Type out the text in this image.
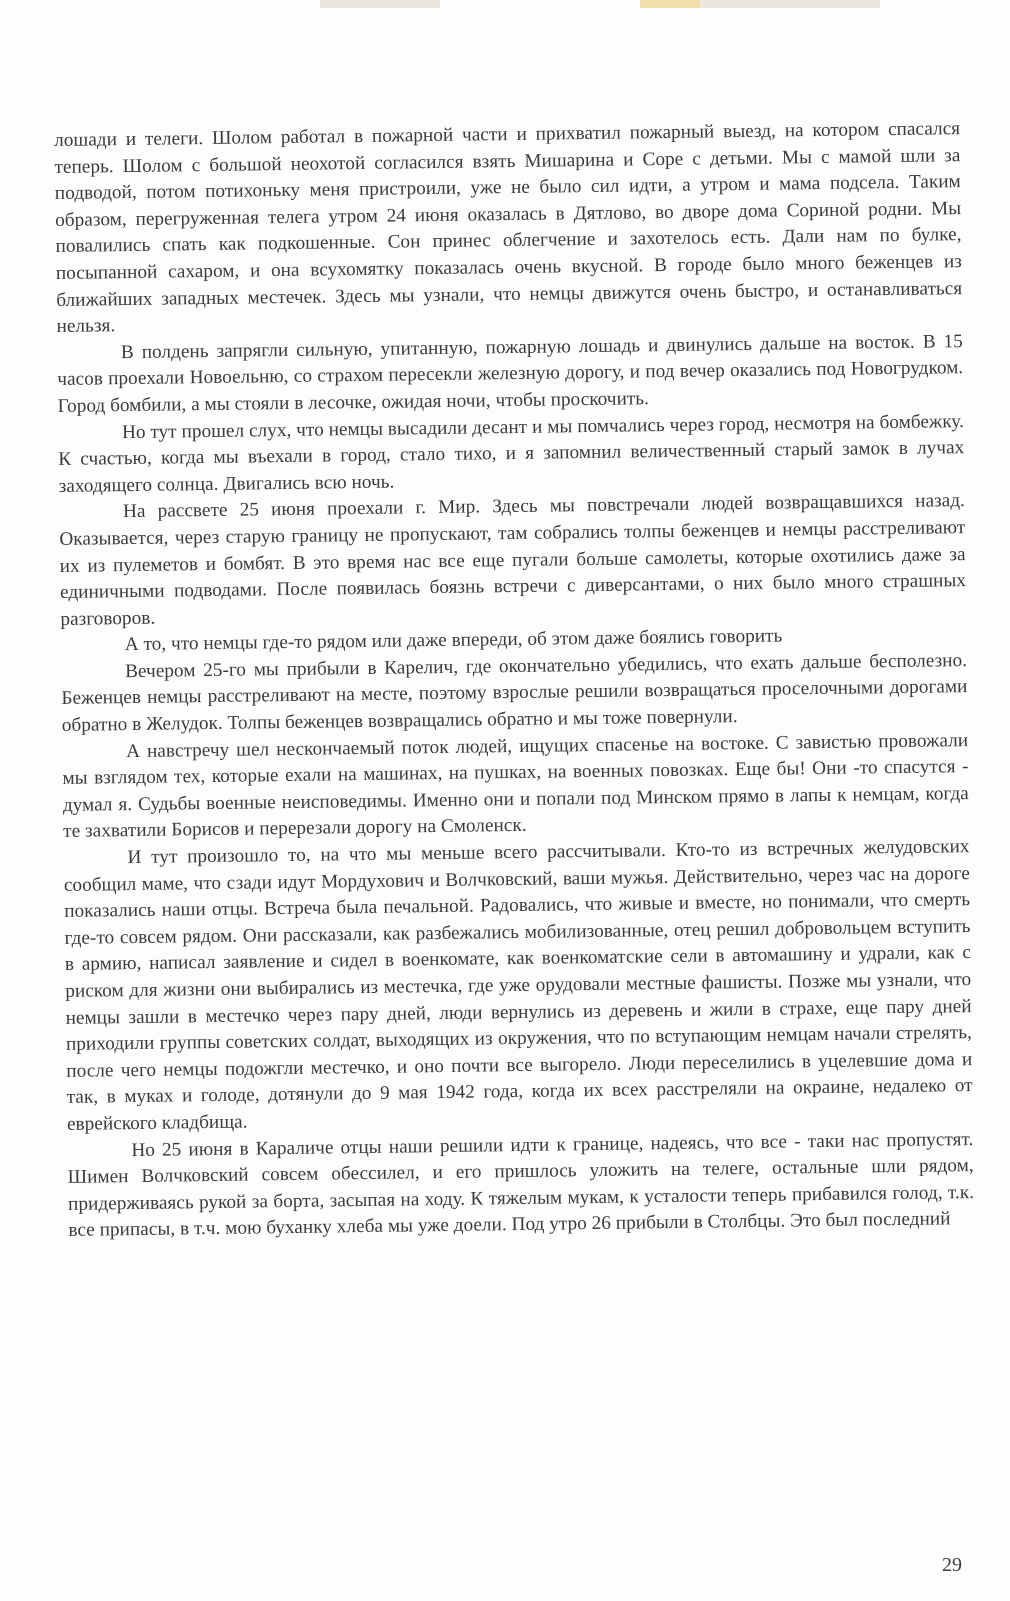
лошади и телеги. Шолом работал в пожарной части и прихватил пожарный выезд, на котором спасался теперь. Шолом с большой неохотой согласился взять Мишарина и Соре с детьми. Мы с мамой шли за подводой, потом потихоньку меня пристроили, уже не было сил идти, а утром и мама подсела. Таким образом, перегруженная телега утром 24 июня оказалась в Дятлово, во дворе дома Сориной родни. Мы повалились спать как подкошенные. Сон принес облегчение и захотелось есть. Дали нам по булке, посыпанной сахаром, и она всухомятку показалась очень вкусной. В городе было много беженцев из ближайших западных местечек. Здесь мы узнали, что немцы движутся очень быстро, и останавливаться нельзя.

В полдень запрягли сильную, упитанную, пожарную лошадь и двинулись дальше на восток. В 15 часов проехали Новоельню, со страхом пересекли железную дорогу, и под вечер оказались под Новогрудком. Город бомбили, а мы стояли в лесочке, ожидая ночи, чтобы проскочить.

Но тут прошел слух, что немцы высадили десант и мы помчались через город, несмотря на бомбежку. К счастью, когда мы въехали в город, стало тихо, и я запомнил величественный старый замок в лучах заходящего солнца. Двигались всю ночь.

На рассвете 25 июня проехали г. Мир. Здесь мы повстречали людей возвращавшихся назад. Оказывается, через старую границу не пропускают, там собрались толпы беженцев и немцы расстреливают их из пулеметов и бомбят. В это время нас все еще пугали больше самолеты, которые охотились даже за единичными подводами. После появилась боязнь встречи с диверсантами, о них было много страшных разговоров.

А то, что немцы где-то рядом или даже впереди, об этом даже боялись говорить

Вечером 25-го мы прибыли в Карелич, где окончательно убедились, что ехать дальше бесполезно. Беженцев немцы расстреливают на месте, поэтому взрослые решили возвращаться проселочными дорогами обратно в Желудок. Толпы беженцев возвращались обратно и мы тоже повернули.

А навстречу шел нескончаемый поток людей, ищущих спасенье на востоке. С завистью провожали мы взглядом тех, которые ехали на машинах, на пушках, на военных повозках. Еще бы! Они -то спасутся - думал я. Судьбы военные неисповедимы. Именно они и попали под Минском прямо в лапы к немцам, когда те захватили Борисов и перерезали дорогу на Смоленск.

И тут произошло то, на что мы меньше всего рассчитывали. Кто-то из встречных желудовских сообщил маме, что сзади идут Мордухович и Волчковский, ваши мужья. Действительно, через час на дороге показались наши отцы. Встреча была печальной. Радовались, что живые и вместе, но понимали, что смерть где-то совсем рядом. Они рассказали, как разбежались мобилизованные, отец решил добровольцем вступить в армию, написал заявление и сидел в военкомате, как военкоматские сели в автомашину и удрали, как с риском для жизни они выбирались из местечка, где уже орудовали местные фашисты. Позже мы узнали, что немцы зашли в местечко через пару дней, люди вернулись из деревень и жили в страхе, еще пару дней приходили группы советских солдат, выходящих из окружения, что по вступающим немцам начали стрелять, после чего немцы подожгли местечко, и оно почти все выгорело. Люди переселились в уцелевшие дома и так, в муках и голоде, дотянули до 9 мая 1942 года, когда их всех расстреляли на окраине, недалеко от еврейского кладбища.

Но 25 июня в Караличе отцы наши решили идти к границе, надеясь, что все - таки нас пропустят. Шимен Волчковский совсем обессилел, и его пришлось уложить на телеге, остальные шли рядом, придерживаясь рукой за борта, засыпая на ходу. К тяжелым мукам, к усталости теперь прибавился голод, т.к. все припасы, в т.ч. мою буханку хлеба мы уже доели. Под утро 26 прибыли в Столбцы. Это был последний

29
